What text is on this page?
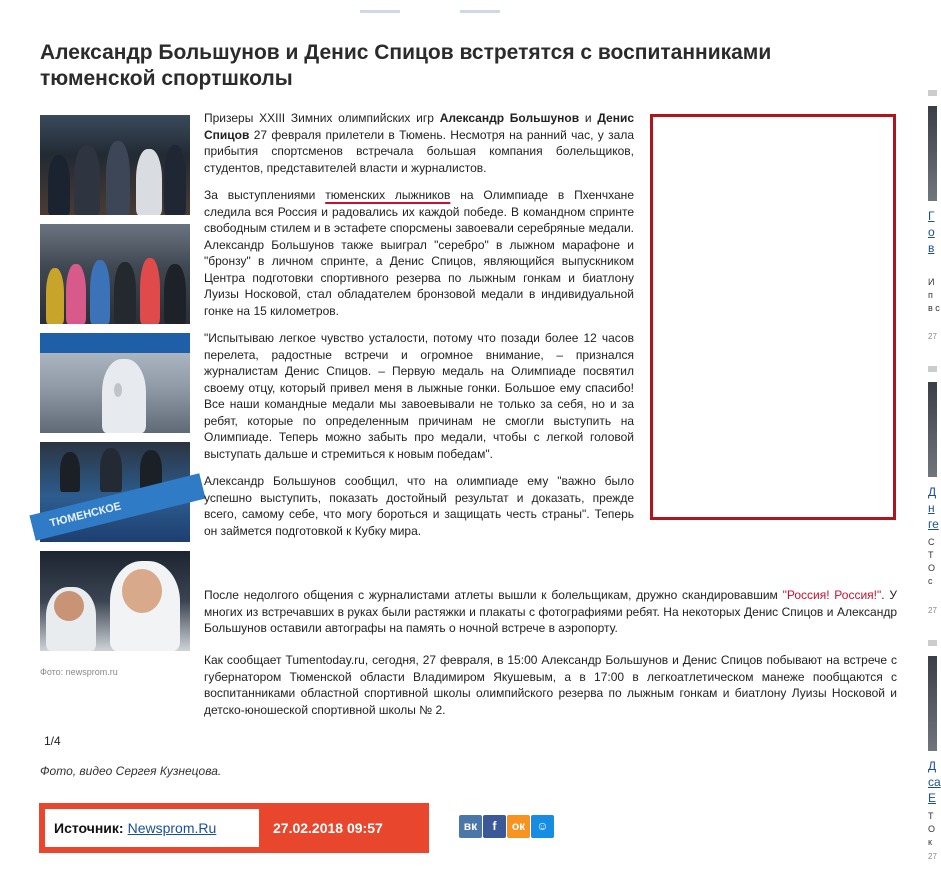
Александр Большунов и Денис Спицов встретятся с воспитанниками тюменской спортшколы
ТЮМЕНСКОЕ
Фото: newsprom.ru

Призеры XXIII Зимних олимпийских игр Александр Большунов и Денис Спицов 27 февраля прилетели в Тюмень. Несмотря на ранний час, у зала прибытия спортсменов встречала большая компания болельщиков, студентов, представителей власти и журналистов.

За выступлениями тюменских лыжников на Олимпиаде в Пхенчхане следила вся Россия и радовались их каждой победе. В командном спринте свободным стилем и в эстафете спорсмены завоевали серебряные медали. Александр Большунов также выиграл "серебро" в лыжном марафоне и "бронзу" в личном спринте, а Денис Спицов, являющийся выпускником Центра подготовки спортивного резерва по лыжным гонкам и биатлону Луизы Носковой, стал обладателем бронзовой медали в индивидуальной гонке на 15 километров.

"Испытываю легкое чувство усталости, потому что позади более 12 часов перелета, радостные встречи и огромное внимание, – признался журналистам Денис Спицов. – Первую медаль на Олимпиаде посвятил своему отцу, который привел меня в лыжные гонки. Большое ему спасибо! Все наши командные медали мы завоевывали не только за себя, но и за ребят, которые по определенным причинам не смогли выступить на Олимпиаде. Теперь можно забыть про медали, чтобы с легкой головой выступать дальше и стремиться к новым победам".

Александр Большунов сообщил, что на олимпиаде ему "важно было успешно выступить, показать достойный результат и доказать, прежде всего, самому себе, что могу бороться и защищать честь страны". Теперь он займется подготовкой к Кубку мира.

После недолгого общения с журналистами атлеты вышли к болельщикам, дружно скандировавшим "Россия! Россия!". У многих из встречавших в руках были растяжки и плакаты с фотографиями ребят. На некоторых Денис Спицов и Александр Большунов оставили автографы на память о ночной встрече в аэропорту.
Как сообщает Tumentoday.ru, сегодня, 27 февраля, в 15:00 Александр Большунов и Денис Спицов побывают на встрече с губернатором Тюменской области Владимиром Якушевым, а в 17:00 в легкоатлетическом манеже пообщаются с воспитанниками областной спортивной школы олимпийского резерва по лыжным гонкам и биатлону Луизы Носковой и детско-юношеской спортивной школы № 2.
1/4
Фото, видео Сергея Кузнецова.
Источник: Newsprom.Ru	27.02.2018 09:57	вк f ок ☺
Г о в
И п в с
27
Д н ге
С Т О с
27
Д са Е
Т О к
27
